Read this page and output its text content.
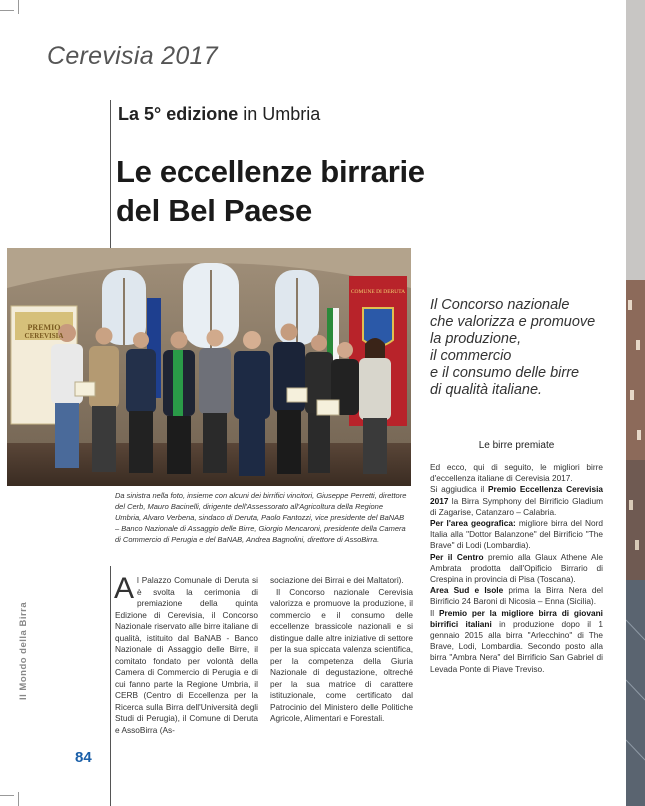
Cerevisia 2017
La 5° edizione in Umbria
Le eccellenze birrarie
del Bel Paese
PREMIO
CEREVISIA
COMUNE DI DERUTA
Da sinistra nella foto, insieme con alcuni dei birrifici vincitori, Giuseppe Perretti, direttore del Cerb, Mauro Bacinelli, dirigente dell'Assessorato all'Agricoltura della Regione Umbria, Alvaro Verbena, sindaco di Deruta, Paolo Fantozzi, vice presidente del BaNAB – Banco Nazionale di Assaggio delle Birre, Giorgio Mencaroni, presidente della Camera di Commercio di Perugia e del BaNAB, Andrea Bagnolini, direttore di AssoBirra.
Il Concorso nazionale
che valorizza e promuove
la produzione,
il commercio
e il consumo delle birre
di qualità italiane.
Le birre premiate

Ed ecco, qui di seguito, le migliori birre d'eccellenza italiane di Cerevisia 2017.

Si aggiudica il Premio Eccellenza Cerevisia 2017 la Birra Symphony del Birrificio Gladium di Zagarise, Catanzaro – Calabria.

Per l'area geografica: migliore birra del Nord Italia alla "Dottor Balanzone" del Birrificio "The Brave" di Lodi (Lombardia).

Per il Centro premio alla Glaux Athene Ale Ambrata prodotta dall'Opificio Birrario di Crespina in provincia di Pisa (Toscana).

Area Sud e Isole prima la Birra Nera del Birrificio 24 Baroni di Nicosia – Enna (Sicilia).

Il Premio per la migliore birra di giovani birrifici italiani in produzione dopo il 1 gennaio 2015 alla birra "Arlecchino" di The Brave, Lodi, Lombardia. Secondo posto alla birra "Ambra Nera" del Birrificio San Gabriel di Levada Ponte di Piave Treviso.

Al Palazzo Comunale di Deruta si è svolta la cerimonia di premiazione della quinta Edizione di Cerevisia, il Concorso Nazionale riservato alle birre italiane di qualità, istituito dal BaNAB - Banco Nazionale di Assaggio delle Birre, il comitato fondato per volontà della Camera di Commercio di Perugia e di cui fanno parte la Regione Umbria, il CERB (Centro di Eccellenza per la Ricerca sulla Birra dell'Università degli Studi di Perugia), il Comune di Deruta e AssoBirra (As-

sociazione dei Birrai e dei Maltatori).

Il Concorso nazionale Cerevisia valorizza e promuove la produzione, il commercio e il consumo delle eccellenze brassicole nazionali e si distingue dalle altre iniziative di settore per la sua spiccata valenza scientifica, per la competenza della Giuria Nazionale di degustazione, oltreché per la sua matrice di carattere istituzionale, come certificato dal Patrocinio del Ministero delle Politiche Agricole, Alimentari e Forestali.

Il Mondo della Birra
84
